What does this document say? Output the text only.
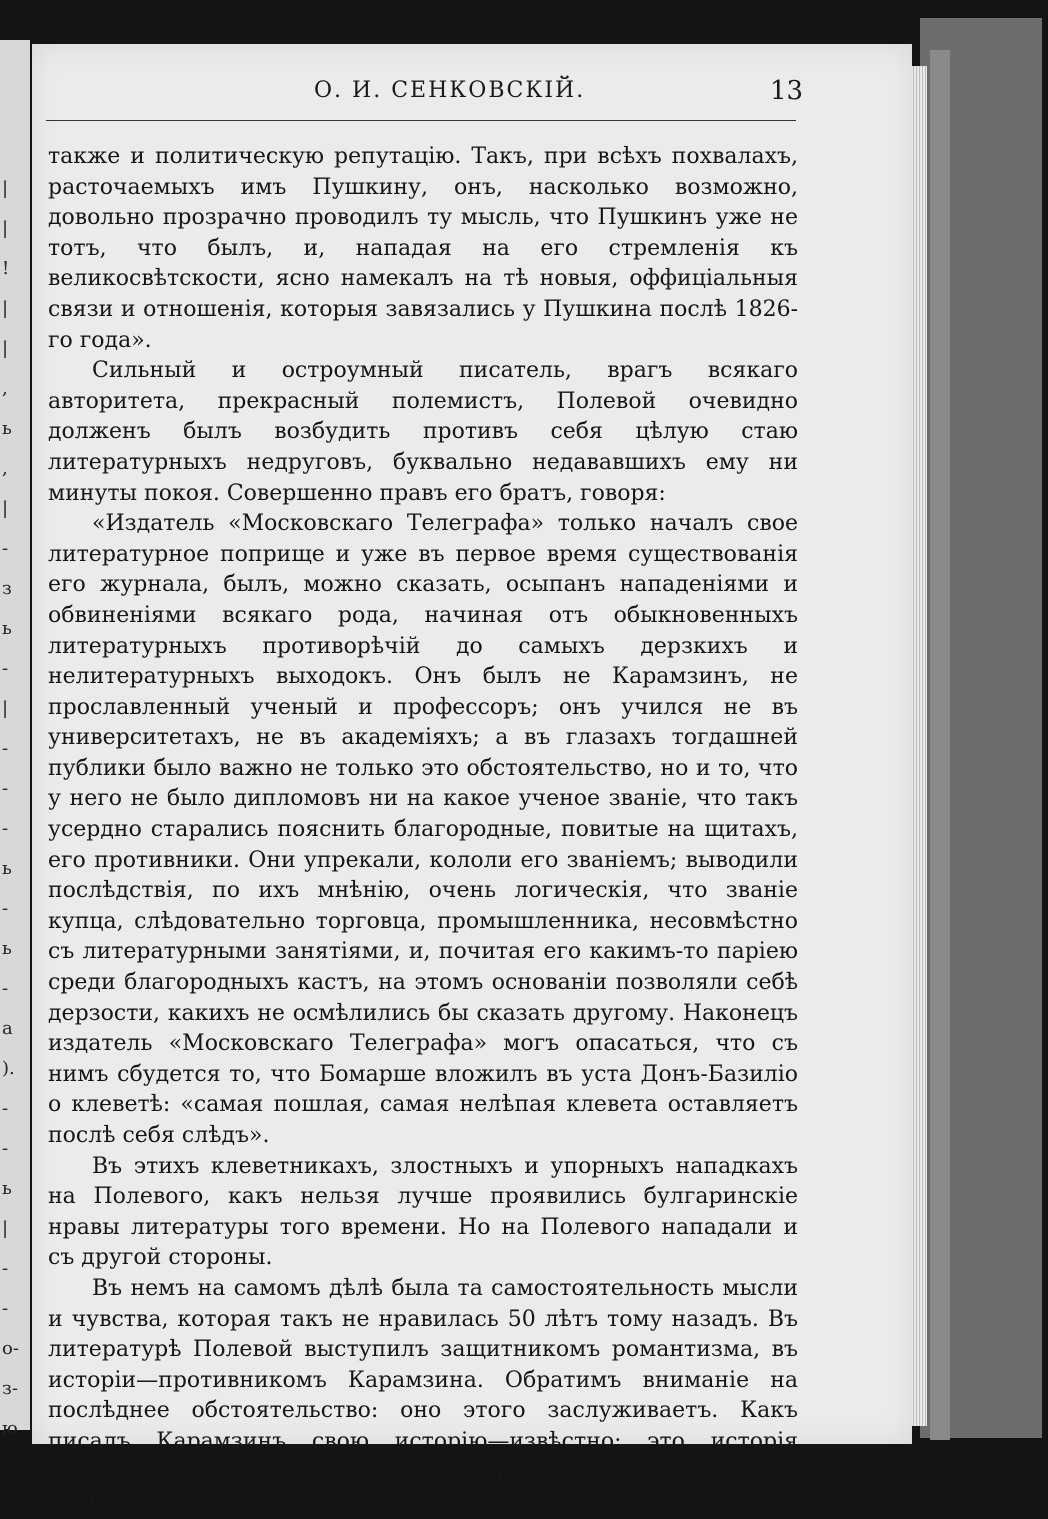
|
|
!
|
|
,
ь
,
|
-
з
ь
-
|
-
-
-
ь
-
ь
-
а
).
-
-
ь
|
-
-
о-
з-
ю
О. И. СЕНКОВСКІЙ.	13

также и политическую репутацію. Такъ, при всѣхъ похвалахъ, расточаемыхъ имъ Пушкину, онъ, насколько возможно, довольно прозрачно проводилъ ту мысль, что Пушкинъ уже не тотъ, что былъ, и, нападая на его стремленія къ великосвѣтскости, ясно намекалъ на тѣ новыя, оффиціальныя связи и отношенія, которыя завязались у Пушкина послѣ 1826-го года».

Сильный и остроумный писатель, врагъ всякаго авторитета, прекрасный полемистъ, Полевой очевидно долженъ былъ возбудить противъ себя цѣлую стаю литературныхъ недруговъ, буквально недававшихъ ему ни минуты покоя. Совершенно правъ его братъ, говоря:

«Издатель «Московскаго Телеграфа» только началъ свое литературное поприще и уже въ первое время существованія его журнала, былъ, можно сказать, осыпанъ нападеніями и обвиненіями всякаго рода, начиная отъ обыкновенныхъ литературныхъ противорѣчій до самыхъ дерзкихъ и нелитературныхъ выходокъ. Онъ былъ не Карамзинъ, не прославленный ученый и профессоръ; онъ учился не въ университетахъ, не въ академіяхъ; а въ глазахъ тогдашней публики было важно не только это обстоятельство, но и то, что у него не было дипломовъ ни на какое ученое званіе, что такъ усердно старались пояснить благородные, повитые на щитахъ, его противники. Они упрекали, кололи его званіемъ; выводили послѣдствія, по ихъ мнѣнію, очень логическія, что званіе купца, слѣдовательно торговца, промышленника, несовмѣстно съ литературными занятіями, и, почитая его какимъ-то паріею среди благородныхъ кастъ, на этомъ основаніи позволяли себѣ дерзости, какихъ не осмѣлились бы сказать другому. Наконецъ издатель «Московскаго Телеграфа» могъ опасаться, что съ нимъ сбудется то, что Бомарше вложилъ въ уста Донъ-Базиліо о клеветѣ: «самая пошлая, самая нелѣпая клевета оставляетъ послѣ себя слѣдъ».

Въ этихъ клеветникахъ, злостныхъ и упорныхъ нападкахъ на Полевого, какъ нельзя лучше проявились булгаринскіе нравы литературы того времени. Но на Полевого нападали и съ другой стороны.

Въ немъ на самомъ дѣлѣ была та самостоятельность мысли и чувства, которая такъ не нравилась 50 лѣтъ тому назадъ. Въ литературѣ Полевой выступилъ защитникомъ романтизма, въ исторіи—противникомъ Карамзина. Обратимъ вниманіе на послѣднее обстоятельство: оно этого заслуживаетъ. Какъ писалъ Карамзинъ свою исторію—извѣстно: это исторія государства, а не народа, это панегирикъ внѣшней силѣ и внѣшнему могуществу, это прекрасный арсе-
